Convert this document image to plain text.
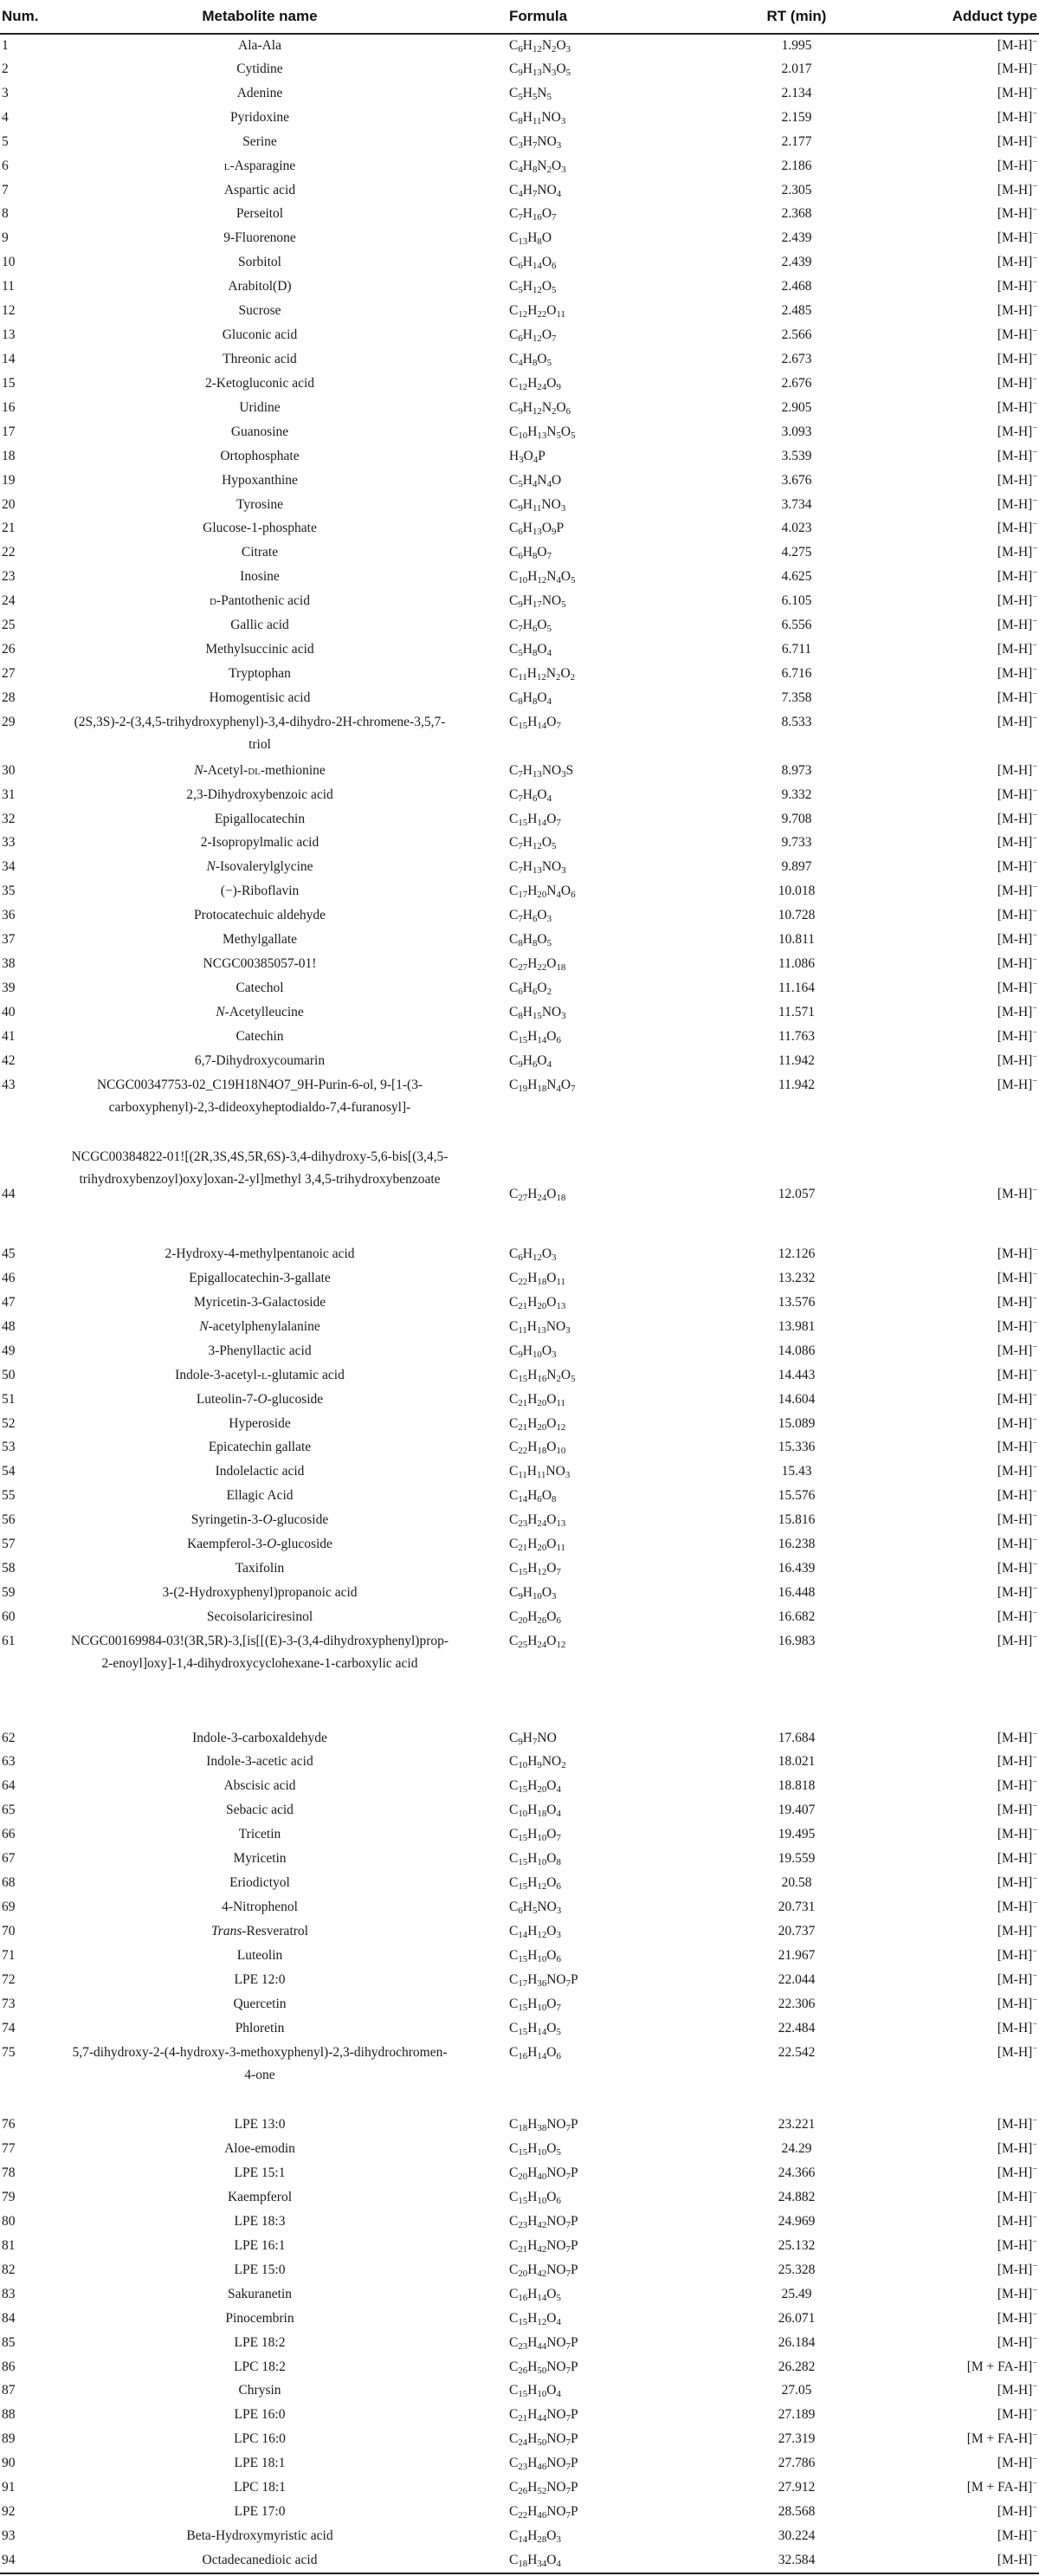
Num.	Metabolite name	Formula	RT (min)	Adduct type
1	Ala-Ala	$C_6H_{12}N_2O_3$	1.995	[M-H]−
2	Cytidine	$C_9H_{13}N_3O_5$	2.017	[M-H]−
3	Adenine	$C_5H_5N_5$	2.134	[M-H]−
4	Pyridoxine	$C_8H_{11}NO_3$	2.159	[M-H]−
5	Serine	$C_3H_7NO_3$	2.177	[M-H]−
6	l-Asparagine	$C_4H_8N_2O_3$	2.186	[M-H]−
7	Aspartic acid	$C_4H_7NO_4$	2.305	[M-H]−
8	Perseitol	$C_7H_{16}O_7$	2.368	[M-H]−
9	9-Fluorenone	$C_{13}H_8O$	2.439	[M-H]−
10	Sorbitol	$C_6H_{14}O_6$	2.439	[M-H]−
11	Arabitol(D)	$C_5H_{12}O_5$	2.468	[M-H]−
12	Sucrose	$C_{12}H_{22}O_{11}$	2.485	[M-H]−
13	Gluconic acid	$C_6H_{12}O_7$	2.566	[M-H]−
14	Threonic acid	$C_4H_8O_5$	2.673	[M-H]−
15	2-Ketogluconic acid	$C_{12}H_{24}O_9$	2.676	[M-H]−
16	Uridine	$C_9H_{12}N_2O_6$	2.905	[M-H]−
17	Guanosine	$C_{10}H_{13}N_5O_5$	3.093	[M-H]−
18	Ortophosphate	$H_3O_4P$	3.539	[M-H]−
19	Hypoxanthine	$C_5H_4N_4O$	3.676	[M-H]−
20	Tyrosine	$C_9H_{11}NO_3$	3.734	[M-H]−
21	Glucose-1-phosphate	$C_6H_{13}O_9P$	4.023	[M-H]−
22	Citrate	$C_6H_8O_7$	4.275	[M-H]−
23	Inosine	$C_{10}H_{12}N_4O_5$	4.625	[M-H]−
24	d-Pantothenic acid	$C_9H_{17}NO_5$	6.105	[M-H]−
25	Gallic acid	$C_7H_6O_5$	6.556	[M-H]−
26	Methylsuccinic acid	$C_5H_8O_4$	6.711	[M-H]−
27	Tryptophan	$C_{11}H_{12}N_2O_2$	6.716	[M-H]−
28	Homogentisic acid	$C_8H_8O_4$	7.358	[M-H]−
29	(2S,3S)-2-(3,4,5-trihydroxyphenyl)-3,4-dihydro-2H-chromene-3,5,7-triol	$C_{15}H_{14}O_7$	8.533	[M-H]−
30	N-Acetyl-dl-methionine	$C_7H_{13}NO_3S$	8.973	[M-H]−
31	2,3-Dihydroxybenzoic acid	$C_7H_6O_4$	9.332	[M-H]−
32	Epigallocatechin	$C_{15}H_{14}O_7$	9.708	[M-H]−
33	2-Isopropylmalic acid	$C_7H_{12}O_5$	9.733	[M-H]−
34	N-Isovalerylglycine	$C_7H_{13}NO_3$	9.897	[M-H]−
35	(−)-Riboflavin	$C_{17}H_{20}N_4O_6$	10.018	[M-H]−
36	Protocatechuic aldehyde	$C_7H_6O_3$	10.728	[M-H]−
37	Methylgallate	$C_8H_8O_5$	10.811	[M-H]−
38	NCGC00385057-01!	$C_{27}H_{22}O_{18}$	11.086	[M-H]−
39	Catechol	$C_6H_6O_2$	11.164	[M-H]−
40	N-Acetylleucine	$C_8H_{15}NO_3$	11.571	[M-H]−
41	Catechin	$C_{15}H_{14}O_6$	11.763	[M-H]−
42	6,7-Dihydroxycoumarin	$C_9H_6O_4$	11.942	[M-H]−
43	NCGC00347753-02_C19H18N4O7_9H-Purin-6-ol, 9-[1-(3-carboxyphenyl)-2,3-dideoxyheptodialdo-7,4-furanosyl]-	$C_{19}H_{18}N_4O_7$	11.942	[M-H]−
44	NCGC00384822-01![(2R,3S,4S,5R,6S)-3,4-dihydroxy-5,6-bis[(3,4,5-trihydroxybenzoyl)oxy]oxan-2-yl]methyl 3,4,5-trihydroxybenzoate	$C_{27}H_{24}O_{18}$	12.057	[M-H]−
45	2-Hydroxy-4-methylpentanoic acid	$C_6H_{12}O_3$	12.126	[M-H]−
46	Epigallocatechin-3-gallate	$C_{22}H_{18}O_{11}$	13.232	[M-H]−
47	Myricetin-3-Galactoside	$C_{21}H_{20}O_{13}$	13.576	[M-H]−
48	N-acetylphenylalanine	$C_{11}H_{13}NO_3$	13.981	[M-H]−
49	3-Phenyllactic acid	$C_9H_{10}O_3$	14.086	[M-H]−
50	Indole-3-acetyl-l-glutamic acid	$C_{15}H_{16}N_2O_5$	14.443	[M-H]−
51	Luteolin-7-O-glucoside	$C_{21}H_{20}O_{11}$	14.604	[M-H]−
52	Hyperoside	$C_{21}H_{20}O_{12}$	15.089	[M-H]−
53	Epicatechin gallate	$C_{22}H_{18}O_{10}$	15.336	[M-H]−
54	Indolelactic acid	$C_{11}H_{11}NO_3$	15.43	[M-H]−
55	Ellagic Acid	$C_{14}H_6O_8$	15.576	[M-H]−
56	Syringetin-3-O-glucoside	$C_{23}H_{24}O_{13}$	15.816	[M-H]−
57	Kaempferol-3-O-glucoside	$C_{21}H_{20}O_{11}$	16.238	[M-H]−
58	Taxifolin	$C_{15}H_{12}O_7$	16.439	[M-H]−
59	3-(2-Hydroxyphenyl)propanoic acid	$C_9H_{10}O_3$	16.448	[M-H]−
60	Secoisolariciresinol	$C_{20}H_{26}O_6$	16.682	[M-H]−
61	NCGC00169984-03!(3R,5R)-3,[is[[(E)-3-(3,4-dihydroxyphenyl)prop-2-enoyl]oxy]-1,4-dihydroxycyclohexane-1-carboxylic acid	$C_{25}H_{24}O_{12}$	16.983	[M-H]−
62	Indole-3-carboxaldehyde	$C_9H_7NO$	17.684	[M-H]−
63	Indole-3-acetic acid	$C_{10}H_9NO_2$	18.021	[M-H]−
64	Abscisic acid	$C_{15}H_{20}O_4$	18.818	[M-H]−
65	Sebacic acid	$C_{10}H_{18}O_4$	19.407	[M-H]−
66	Tricetin	$C_{15}H_{10}O_7$	19.495	[M-H]−
67	Myricetin	$C_{15}H_{10}O_8$	19.559	[M-H]−
68	Eriodictyol	$C_{15}H_{12}O_6$	20.58	[M-H]−
69	4-Nitrophenol	$C_6H_5NO_3$	20.731	[M-H]−
70	Trans-Resveratrol	$C_{14}H_{12}O_3$	20.737	[M-H]−
71	Luteolin	$C_{15}H_{10}O_6$	21.967	[M-H]−
72	LPE 12:0	$C_{17}H_{36}NO_7P$	22.044	[M-H]−
73	Quercetin	$C_{15}H_{10}O_7$	22.306	[M-H]−
74	Phloretin	$C_{15}H_{14}O_5$	22.484	[M-H]−
75	5,7-dihydroxy-2-(4-hydroxy-3-methoxyphenyl)-2,3-dihydrochromen-4-one	$C_{16}H_{14}O_6$	22.542	[M-H]−
76	LPE 13:0	$C_{18}H_{38}NO_7P$	23.221	[M-H]−
77	Aloe-emodin	$C_{15}H_{10}O_5$	24.29	[M-H]−
78	LPE 15:1	$C_{20}H_{40}NO_7P$	24.366	[M-H]−
79	Kaempferol	$C_{15}H_{10}O_6$	24.882	[M-H]−
80	LPE 18:3	$C_{23}H_{42}NO_7P$	24.969	[M-H]−
81	LPE 16:1	$C_{21}H_{42}NO_7P$	25.132	[M-H]−
82	LPE 15:0	$C_{20}H_{42}NO_7P$	25.328	[M-H]−
83	Sakuranetin	$C_{16}H_{14}O_5$	25.49	[M-H]−
84	Pinocembrin	$C_{15}H_{12}O_4$	26.071	[M-H]−
85	LPE 18:2	$C_{23}H_{44}NO_7P$	26.184	[M-H]−
86	LPC 18:2	$C_{26}H_{50}NO_7P$	26.282	[M + FA-H]−
87	Chrysin	$C_{15}H_{10}O_4$	27.05	[M-H]−
88	LPE 16:0	$C_{21}H_{44}NO_7P$	27.189	[M-H]−
89	LPC 16:0	$C_{24}H_{50}NO_7P$	27.319	[M + FA-H]−
90	LPE 18:1	$C_{23}H_{46}NO_7P$	27.786	[M-H]−
91	LPC 18:1	$C_{26}H_{52}NO_7P$	27.912	[M + FA-H]−
92	LPE 17:0	$C_{22}H_{46}NO_7P$	28.568	[M-H]−
93	Beta-Hydroxymyristic acid	$C_{14}H_{28}O_3$	30.224	[M-H]−
94	Octadecanedioic acid	$C_{18}H_{34}O_4$	32.584	[M-H]−
